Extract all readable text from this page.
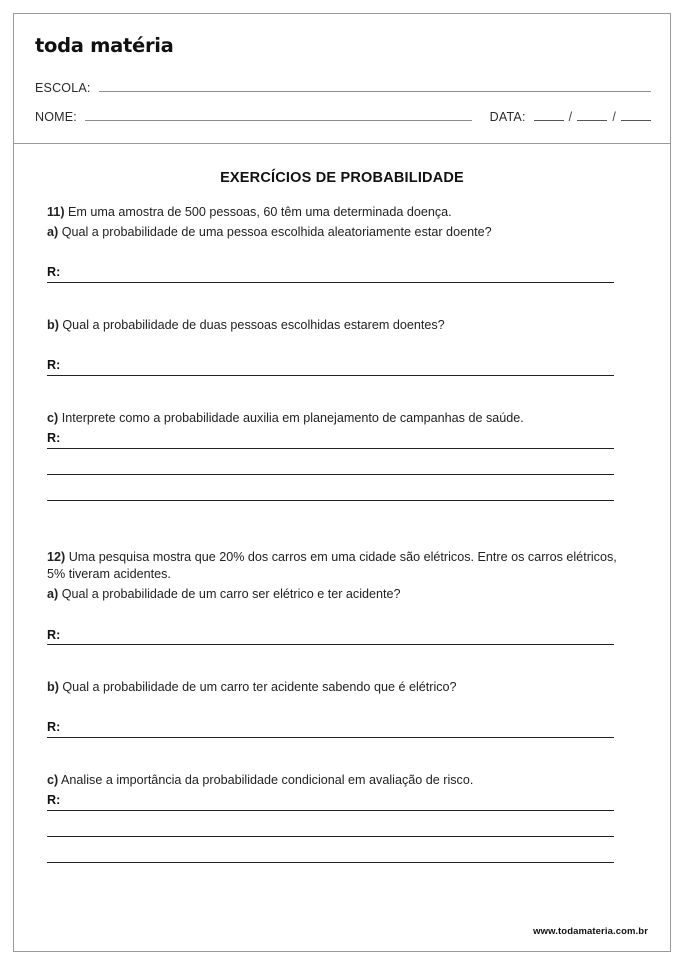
toda matéria
ESCOLA:
NOME:	DATA:	/	/
EXERCÍCIOS DE PROBABILIDADE

11) Em uma amostra de 500 pessoas, 60 têm uma determinada doença.

a) Qual a probabilidade de uma pessoa escolhida aleatoriamente estar doente?

R:

b) Qual a probabilidade de duas pessoas escolhidas estarem doentes?

R:

c) Interprete como a probabilidade auxilia em planejamento de campanhas de saúde.

R:

12) Uma pesquisa mostra que 20% dos carros em uma cidade são elétricos. Entre os carros elétricos, 5% tiveram acidentes.

a) Qual a probabilidade de um carro ser elétrico e ter acidente?

R:

b) Qual a probabilidade de um carro ter acidente sabendo que é elétrico?

R:

c) Analise a importância da probabilidade condicional em avaliação de risco.

R:
www.todamateria.com.br
